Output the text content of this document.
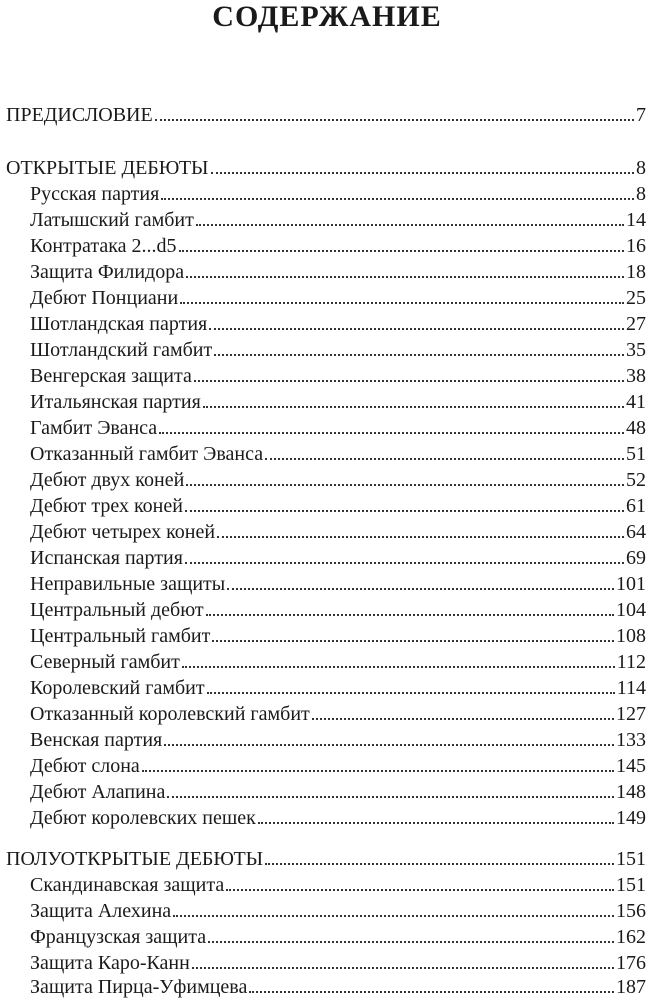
СОДЕРЖАНИЕ
ПРЕДИСЛОВИЕ	7
ОТКРЫТЫЕ ДЕБЮТЫ	8
Русская партия	8
Латышский гамбит	14
Контратака 2...d5	16
Защита Филидора	18
Дебют Понциани	25
Шотландская партия	27
Шотландский гамбит	35
Венгерская защита	38
Итальянская партия	41
Гамбит Эванса	48
Отказанный гамбит Эванса	51
Дебют двух коней	52
Дебют трех коней	61
Дебют четырех коней	64
Испанская партия	69
Неправильные защиты	101
Центральный дебют	104
Центральный гамбит	108
Северный гамбит	112
Королевский гамбит	114
Отказанный королевский гамбит	127
Венская партия	133
Дебют слона	145
Дебют Алапина	148
Дебют королевских пешек	149
ПОЛУОТКРЫТЫЕ ДЕБЮТЫ	151
Скандинавская защита	151
Защита Алехина	156
Французская защита	162
Защита Каро-Канн	176
Защита Пирца-Уфимцева	187
